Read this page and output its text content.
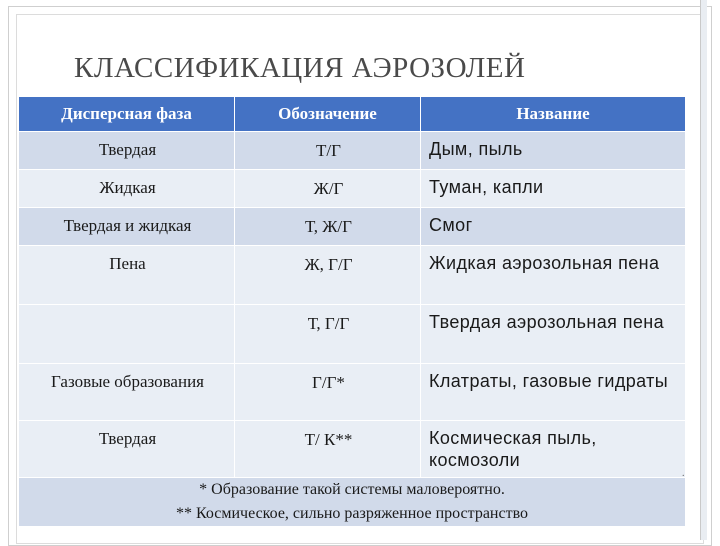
КЛАССИФИКАЦИЯ АЭРОЗОЛЕЙ
Дисперсная фаза	Обозначение	Название

Твердая	Т/Г	Дым, пыль

Жидкая	Ж/Г	Туман, капли

Твердая и жидкая	Т, Ж/Г	Смог

Пена	Ж, Г/Г	Жидкая аэрозольная пена

	Т, Г/Г	Твердая аэрозольная пена

Газовые образования	Г/Г*	Клатраты, газовые гидраты

Твердая	Т/ К**	Космическая пыль, космозоли

* Образование такой системы маловероятно.
** Космическое, сильно разряженное пространство		
.
